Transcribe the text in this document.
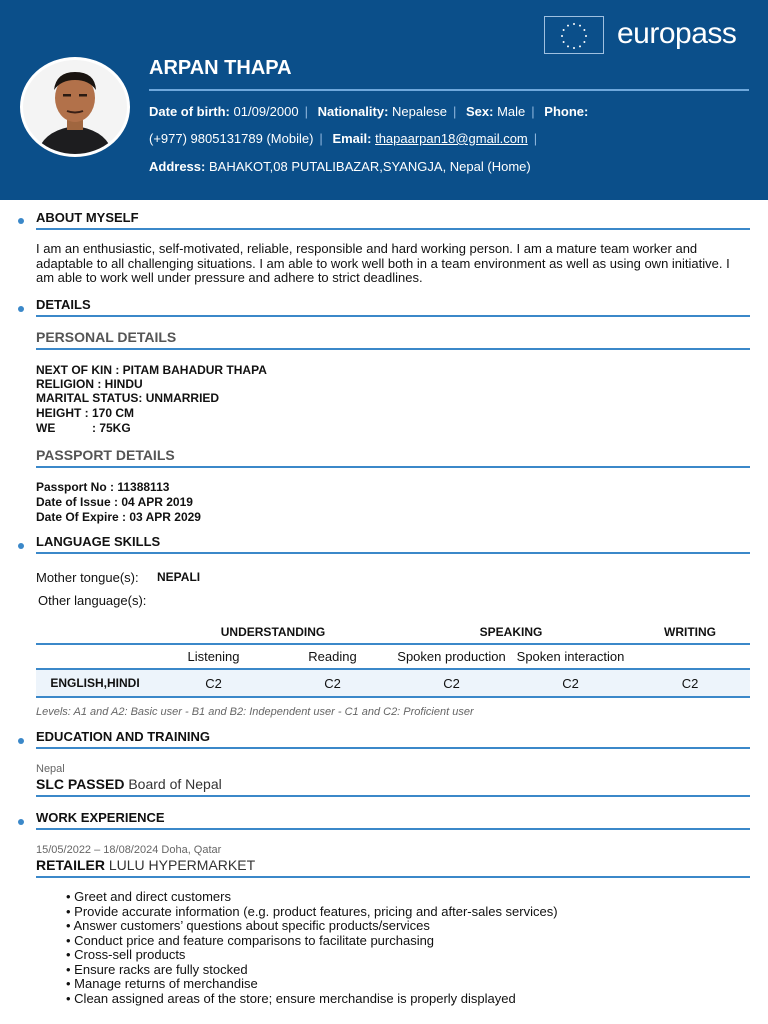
europass
ARPAN THAPA
Date of birth: 01/09/2000 | Nationality: Nepalese | Sex: Male | Phone:
(+977) 9805131789 (Mobile) | Email: thapaarpan18@gmail.com |
Address: BAHAKOT,08 PUTALIBAZAR,SYANGJA, Nepal (Home)
ABOUT MYSELF
I am an enthusiastic, self-motivated, reliable, responsible and hard working person. I am a mature team worker and adaptable to all challenging situations. I am able to work well both in a team environment as well as using own initiative. I am able to work well under pressure and adhere to strict deadlines.
DETAILS
PERSONAL DETAILS
NEXT OF KIN : PITAM BAHADUR THAPA
RELIGION : HINDU
MARITAL STATUS: UNMARRIED
HEIGHT : 170 CM
WE           : 75KG
PASSPORT DETAILS
Passport No : 11388113
Date of Issue : 04 APR 2019
Date Of Expire : 03 APR 2029
LANGUAGE SKILLS
Mother tongue(s): NEPALI
Other language(s):
	UNDERSTANDING		SPEAKING		WRITING
	Listening	Reading	Spoken production	Spoken interaction	
ENGLISH,HINDI	C2	C2	C2	C2	C2
Levels: A1 and A2: Basic user - B1 and B2: Independent user - C1 and C2: Proficient user
EDUCATION AND TRAINING
Nepal
SLC PASSED Board of Nepal
WORK EXPERIENCE
15/05/2022 – 18/08/2024 Doha, Qatar
RETAILER LULU HYPERMARKET
• Greet and direct customers
• Provide accurate information (e.g. product features, pricing and after-sales services)
• Answer customers’ questions about specific products/services
• Conduct price and feature comparisons to facilitate purchasing
• Cross-sell products
• Ensure racks are fully stocked
• Manage returns of merchandise
• Clean assigned areas of the store; ensure merchandise is properly displayed
